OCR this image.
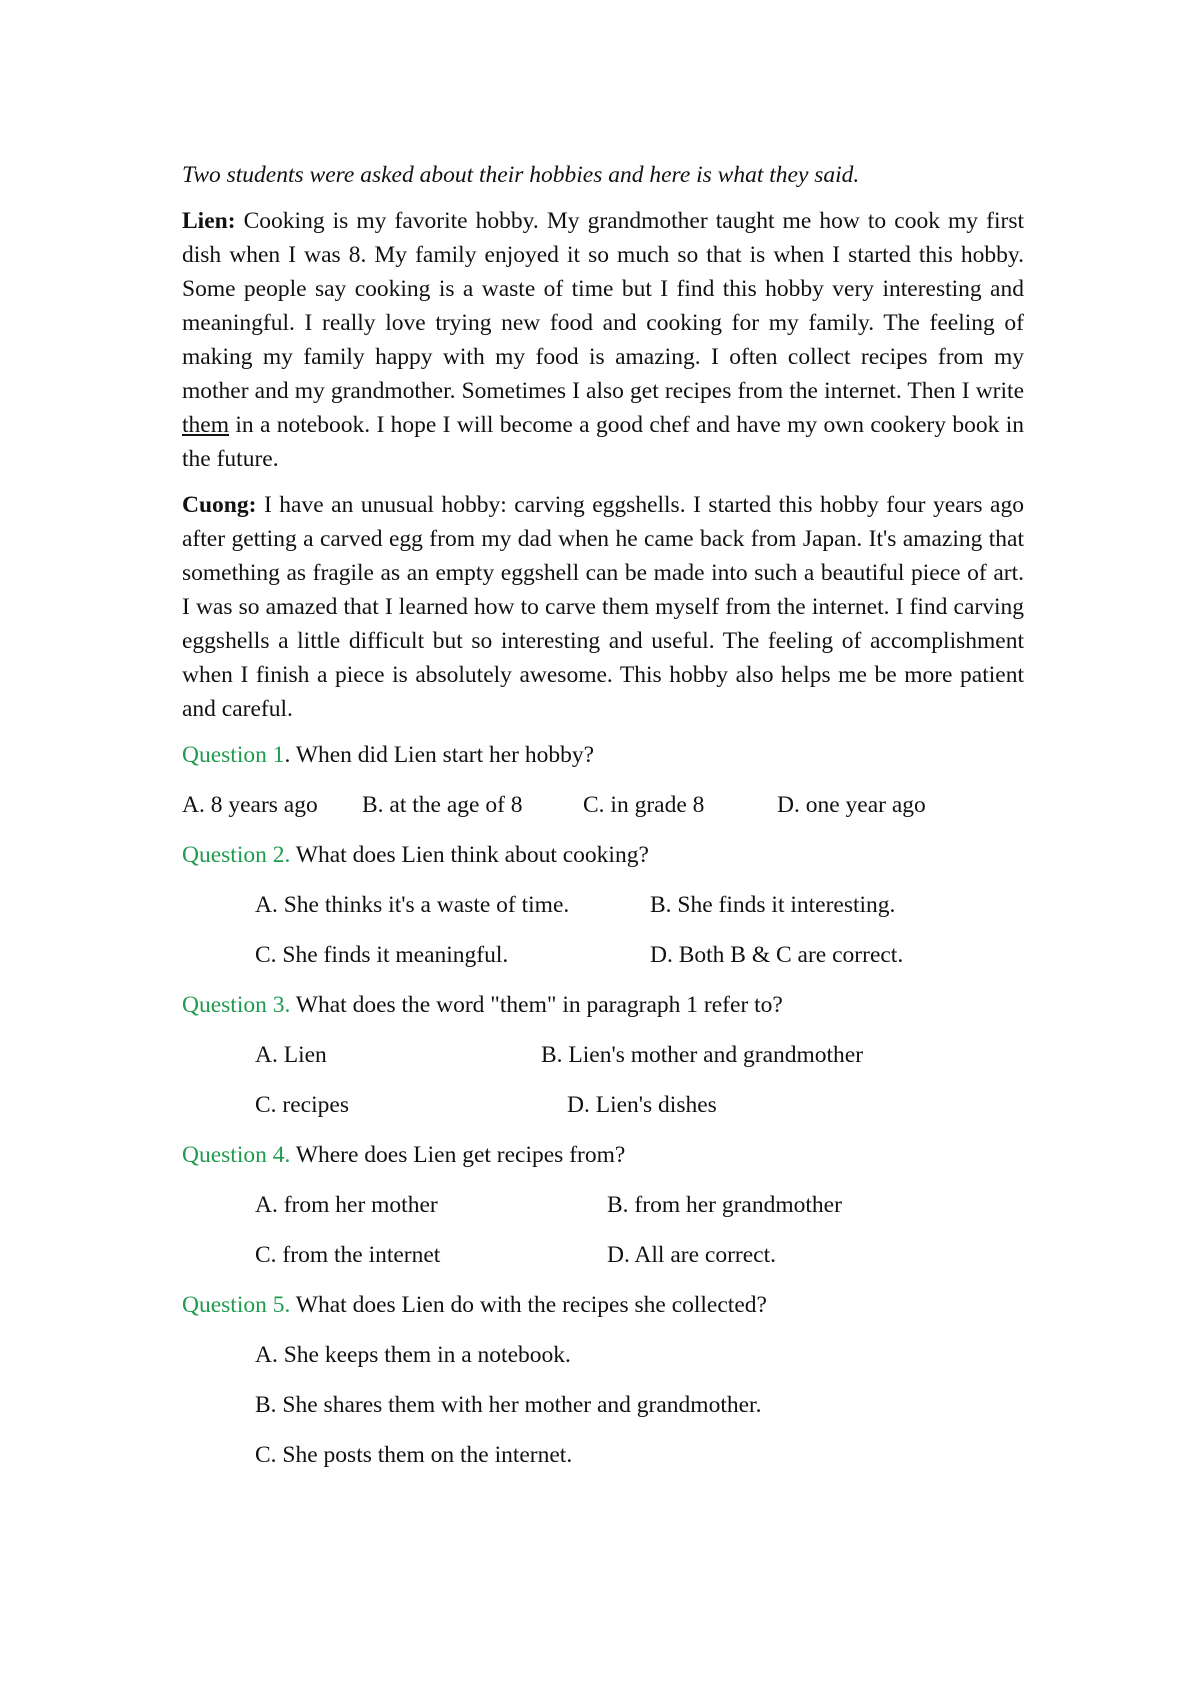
Two students were asked about their hobbies and here is what they said.

Lien: Cooking is my favorite hobby. My grandmother taught me how to cook my first dish when I was 8. My family enjoyed it so much so that is when I started this hobby. Some people say cooking is a waste of time but I find this hobby very interesting and meaningful. I really love trying new food and cooking for my family. The feeling of making my family happy with my food is amazing. I often collect recipes from my mother and my grandmother. Sometimes I also get recipes from the internet. Then I write them in a notebook. I hope I will become a good chef and have my own cookery book in the future.

Cuong: I have an unusual hobby: carving eggshells. I started this hobby four years ago after getting a carved egg from my dad when he came back from Japan. It's amazing that something as fragile as an empty eggshell can be made into such a beautiful piece of art. I was so amazed that I learned how to carve them myself from the internet. I find carving eggshells a little difficult but so interesting and useful. The feeling of accomplishment when I finish a piece is absolutely awesome. This hobby also helps me be more patient and careful.

Question 1. When did Lien start her hobby?
A. 8 years ago	B. at the age of 8	C. in grade 8	D. one year ago
Question 2. What does Lien think about cooking?
A. She thinks it's a waste of time.	B. She finds it interesting.
C. She finds it meaningful.	D. Both B & C are correct.
Question 3. What does the word "them" in paragraph 1 refer to?
A. Lien	B. Lien's mother and grandmother
C. recipes	D. Lien's dishes
Question 4. Where does Lien get recipes from?
A. from her mother	B. from her grandmother
C. from the internet	D. All are correct.
Question 5. What does Lien do with the recipes she collected?
A. She keeps them in a notebook.
B. She shares them with her mother and grandmother.
C. She posts them on the internet.
